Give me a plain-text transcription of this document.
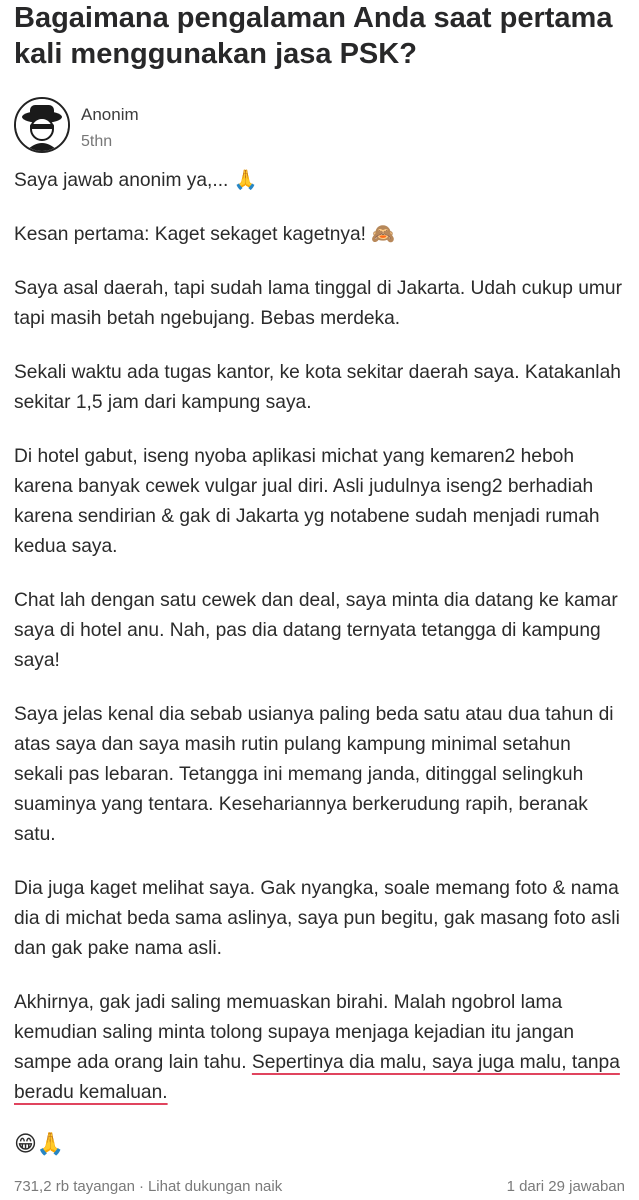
Bagaimana pengalaman Anda saat pertama kali menggunakan jasa PSK?
Anonim
5thn

Saya jawab anonim ya,... 🙏

Kesan pertama: Kaget sekaget kagetnya! 🙈

Saya asal daerah, tapi sudah lama tinggal di Jakarta. Udah cukup umur tapi masih betah ngebujang. Bebas merdeka.

Sekali waktu ada tugas kantor, ke kota sekitar daerah saya. Katakanlah sekitar 1,5 jam dari kampung saya.

Di hotel gabut, iseng nyoba aplikasi michat yang kemaren2 heboh karena banyak cewek vulgar jual diri. Asli judulnya iseng2 berhadiah karena sendirian & gak di Jakarta yg notabene sudah menjadi rumah kedua saya.

Chat lah dengan satu cewek dan deal, saya minta dia datang ke kamar saya di hotel anu. Nah, pas dia datang ternyata tetangga di kampung saya!

Saya jelas kenal dia sebab usianya paling beda satu atau dua tahun di atas saya dan saya masih rutin pulang kampung minimal setahun sekali pas lebaran. Tetangga ini memang janda, ditinggal selingkuh suaminya yang tentara. Kesehariannya berkerudung rapih, beranak satu.

Dia juga kaget melihat saya. Gak nyangka, soale memang foto & nama dia di michat beda sama aslinya, saya pun begitu, gak masang foto asli dan gak pake nama asli.

Akhirnya, gak jadi saling memuaskan birahi. Malah ngobrol lama kemudian saling minta tolong supaya menjaga kejadian itu jangan sampe ada orang lain tahu. Sepertinya dia malu, saya juga malu, tanpa beradu kemaluan.

😁🙏
731,2 rb tayangan · Lihat dukungan naik	1 dari 29 jawaban
